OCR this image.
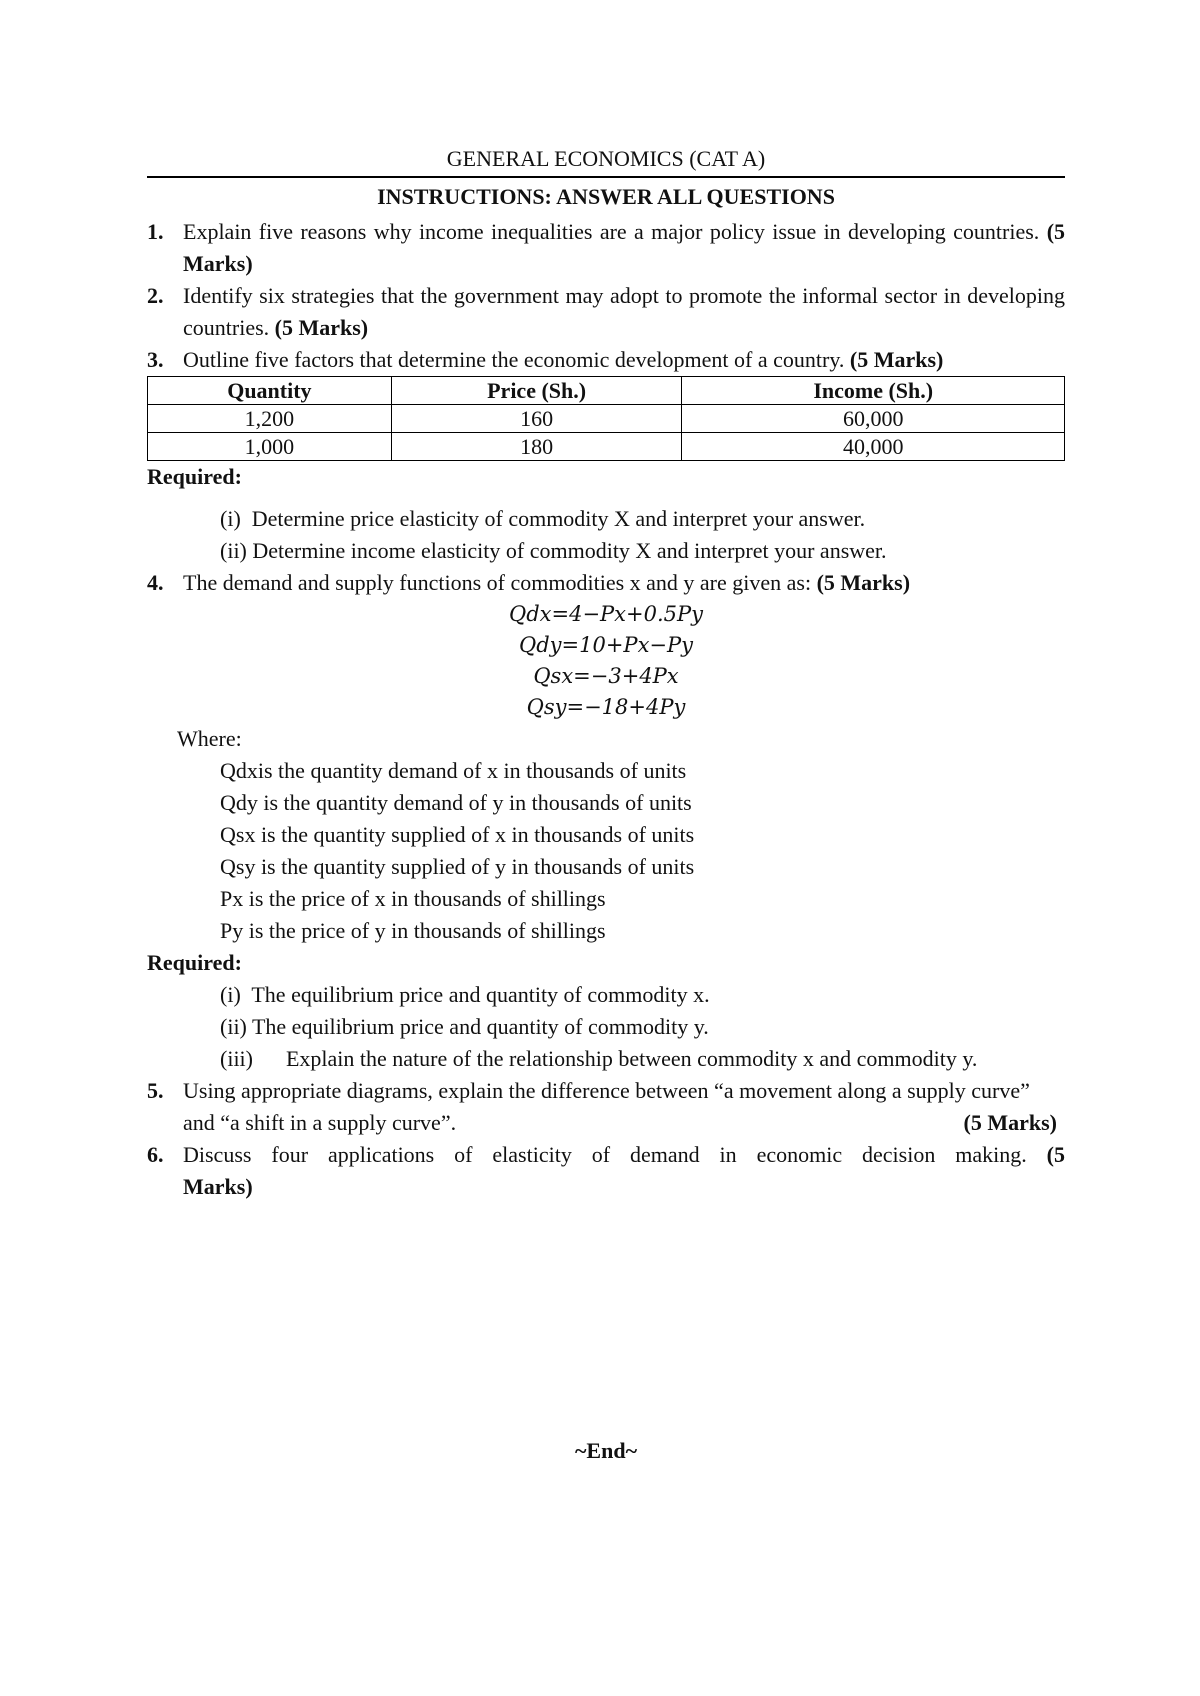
GENERAL ECONOMICS (CAT A)

INSTRUCTIONS: ANSWER ALL QUESTIONS

1. Explain five reasons why income inequalities are a major policy issue in developing countries. (5 Marks)
2. Identify six strategies that the government may adopt to promote the informal sector in developing countries. (5 Marks)
3. Outline five factors that determine the economic development of a country. (5 Marks)
Quantity	Price (Sh.)	Income (Sh.)
1,200	160	60,000
1,000	180	40,000

Required:

(i)  Determine price elasticity of commodity X and interpret your answer.
(ii) Determine income elasticity of commodity X and interpret your answer.
4. The demand and supply functions of commodities x and y are given as: (5 Marks)
Qdx=4−Px+0.5Py
Qdy=10+Px−Py
Qsx=−3+4Px
Qsy=−18+4Py
Where:
Qdxis the quantity demand of x in thousands of units
Qdy is the quantity demand of y in thousands of units
Qsx is the quantity supplied of x in thousands of units
Qsy is the quantity supplied of y in thousands of units
Px is the price of x in thousands of shillings
Py is the price of y in thousands of shillings

Required:

(i)  The equilibrium price and quantity of commodity x.
(ii) The equilibrium price and quantity of commodity y.
(iii)      Explain the nature of the relationship between commodity x and commodity y.
5. Using appropriate diagrams, explain the difference between “a movement along a supply curve” and “a shift in a supply curve”.	(5 Marks)
6. Discuss four applications of elasticity of demand in economic decision making. (5 Marks)
~End~
